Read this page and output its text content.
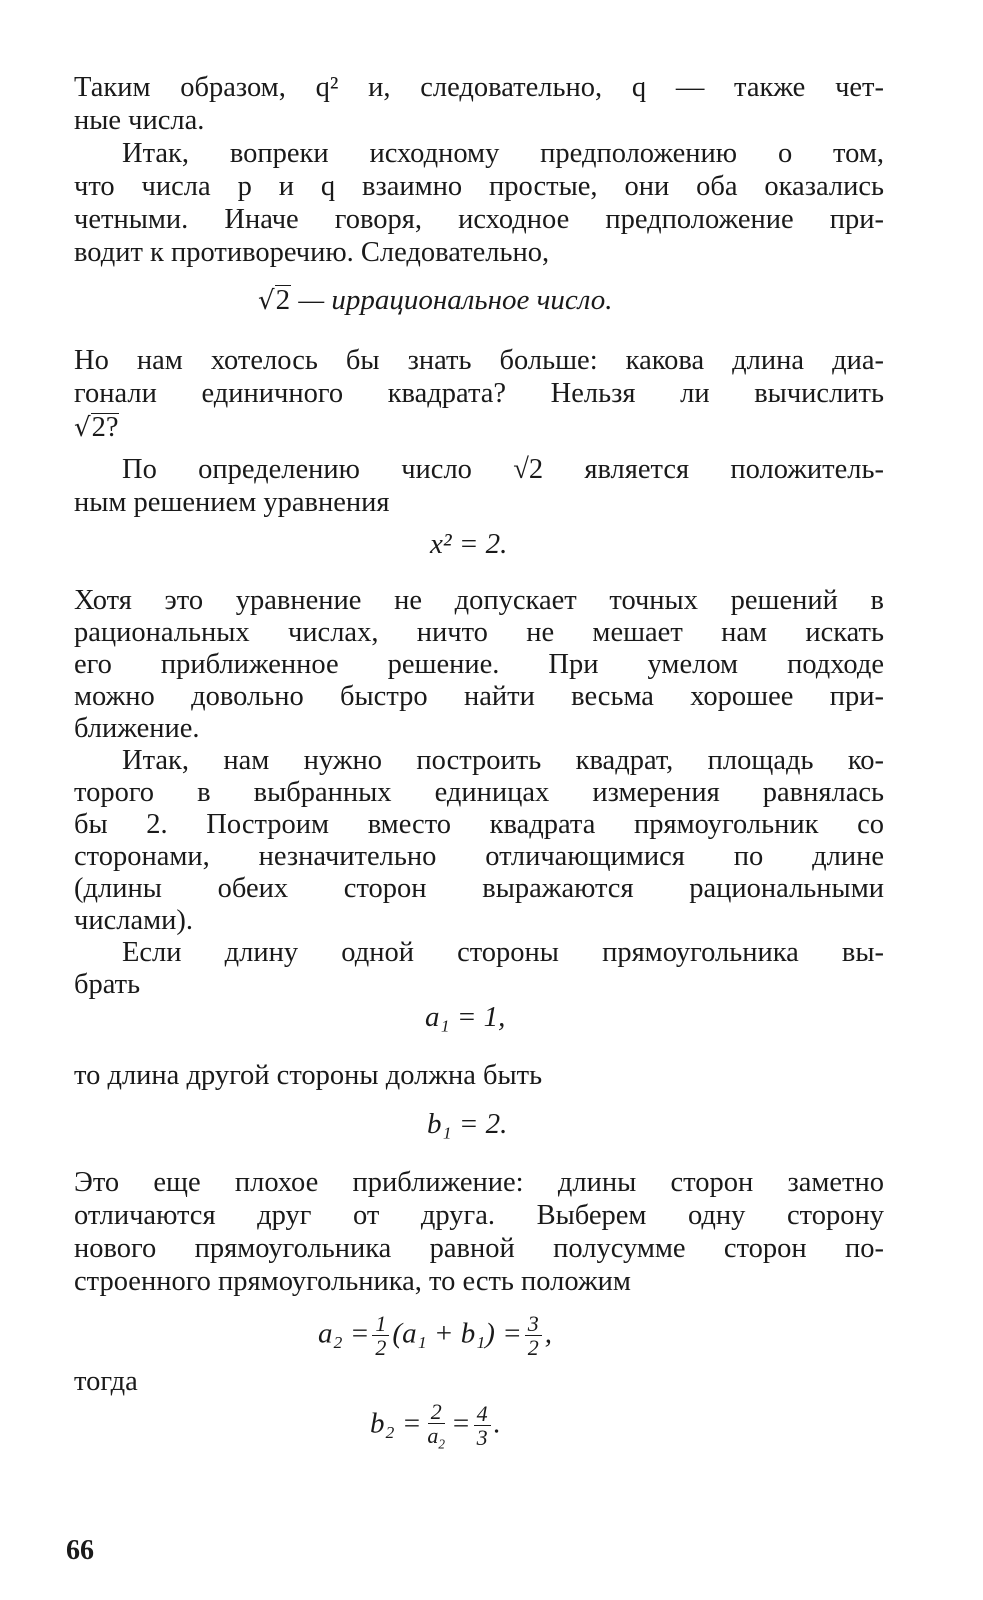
Таким образом, q² и, следовательно, q — также чет-
ные числа.
Итак, вопреки исходному предположению о том,
что числа p и q взаимно простые, они оба оказались
четными. Иначе говоря, исходное предположение при-
водит к противоречию. Следовательно,
√2 — иррациональное число.
Но нам хотелось бы знать больше: какова длина диа-
гонали единичного квадрата? Нельзя ли вычислить
√2?
По определению число √2 является положитель-
ным решением уравнения
x² = 2.
Хотя это уравнение не допускает точных решений в
рациональных числах, ничто не мешает нам искать
его приближенное решение. При умелом подходе
можно довольно быстро найти весьма хорошее при-
ближение.
Итак, нам нужно построить квадрат, площадь ко-
торого в выбранных единицах измерения равнялась
бы 2. Построим вместо квадрата прямоугольник со
сторонами, незначительно отличающимися по длине
(длины обеих сторон выражаются рациональными
числами).
Если длину одной стороны прямоугольника вы-
брать
a₁ = 1,
то длина другой стороны должна быть
b₁ = 2.
Это еще плохое приближение: длины сторон заметно
отличаются друг от друга. Выберем одну сторону
нового прямоугольника равной полусумме сторон по-
строенного прямоугольника, то есть положим
$a_2 = \frac{1}{2} (a_1 + b_1) = \frac{3}{2}$ ,
тогда
$b_2 = \frac{2}{a_2} = \frac{4}{3}$ .
66
